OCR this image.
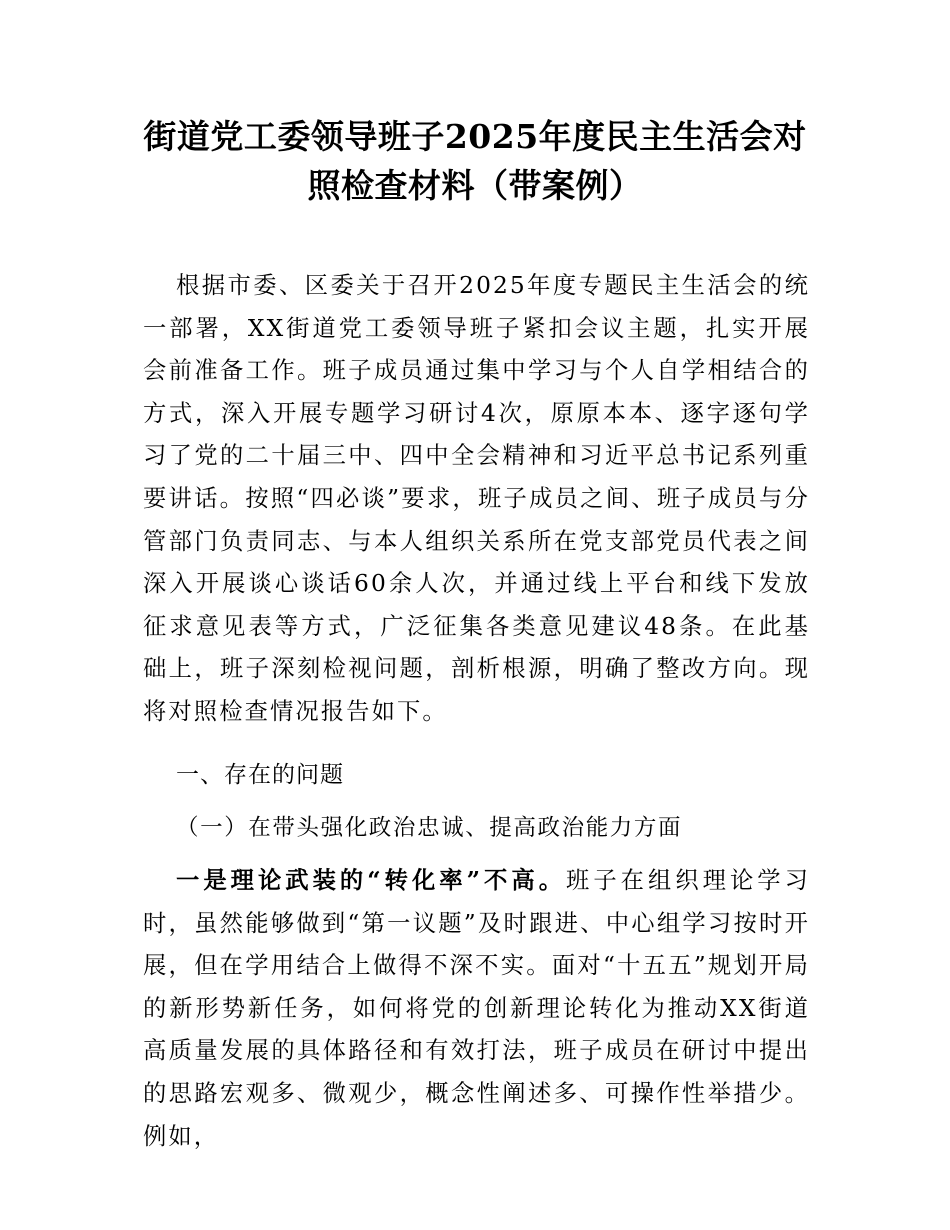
街道党工委领导班子2025年度民主生活会对
照检查材料（带案例）
根据市委、区委关于召开2025年度专题民主生活会的统一部署，XX街道党工委领导班子紧扣会议主题，扎实开展会前准备工作。班子成员通过集中学习与个人自学相结合的方式，深入开展专题学习研讨4次，原原本本、逐字逐句学习了党的二十届三中、四中全会精神和习近平总书记系列重要讲话。按照“四必谈”要求，班子成员之间、班子成员与分管部门负责同志、与本人组织关系所在党支部党员代表之间深入开展谈心谈话60余人次，并通过线上平台和线下发放征求意见表等方式，广泛征集各类意见建议48条。在此基础上，班子深刻检视问题，剖析根源，明确了整改方向。现将对照检查情况报告如下。
一、存在的问题
（一）在带头强化政治忠诚、提高政治能力方面
一是理论武装的“转化率”不高。班子在组织理论学习时，虽然能够做到“第一议题”及时跟进、中心组学习按时开展，但在学用结合上做得不深不实。面对“十五五”规划开局的新形势新任务，如何将党的创新理论转化为推动XX街道高质量发展的具体路径和有效打法，班子成员在研讨中提出的思路宏观多、微观少，概念性阐述多、可操作性举措少。例如，
